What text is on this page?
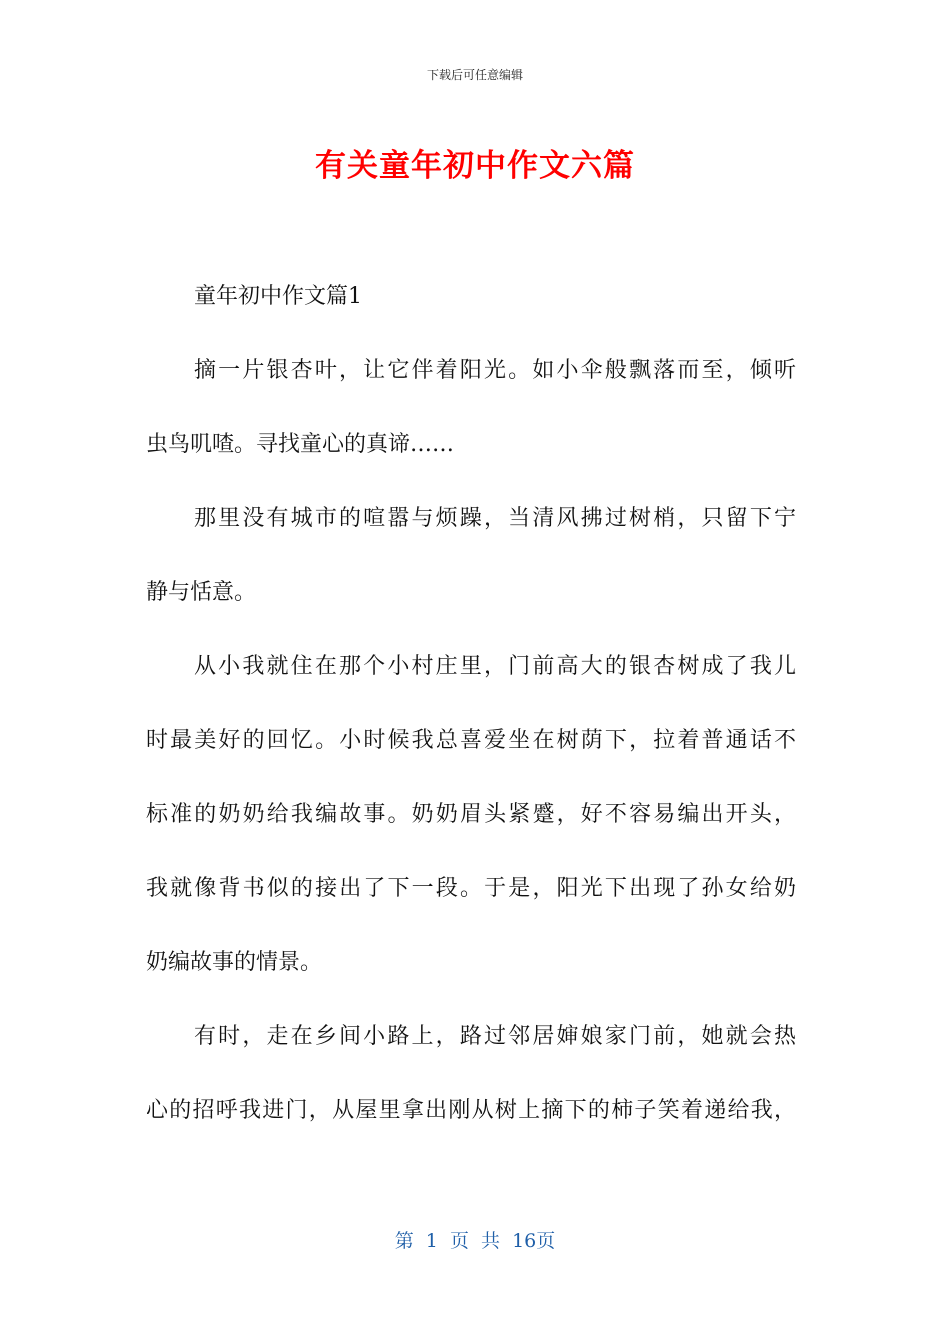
下载后可任意编辑
有关童年初中作文六篇
童年初中作文篇1
摘一片银杏叶，让它伴着阳光。如小伞般飘落而至，倾听
虫鸟叽喳。寻找童心的真谛……
那里没有城市的喧嚣与烦躁，当清风拂过树梢，只留下宁
静与恬意。
从小我就住在那个小村庄里，门前高大的银杏树成了我儿
时最美好的回忆。小时候我总喜爱坐在树荫下，拉着普通话不
标准的奶奶给我编故事。奶奶眉头紧蹙，好不容易编出开头，
我就像背书似的接出了下一段。于是，阳光下出现了孙女给奶
奶编故事的情景。
有时，走在乡间小路上，路过邻居婶娘家门前，她就会热
心的招呼我进门，从屋里拿出刚从树上摘下的柿子笑着递给我，
第 1 页 共 16页
